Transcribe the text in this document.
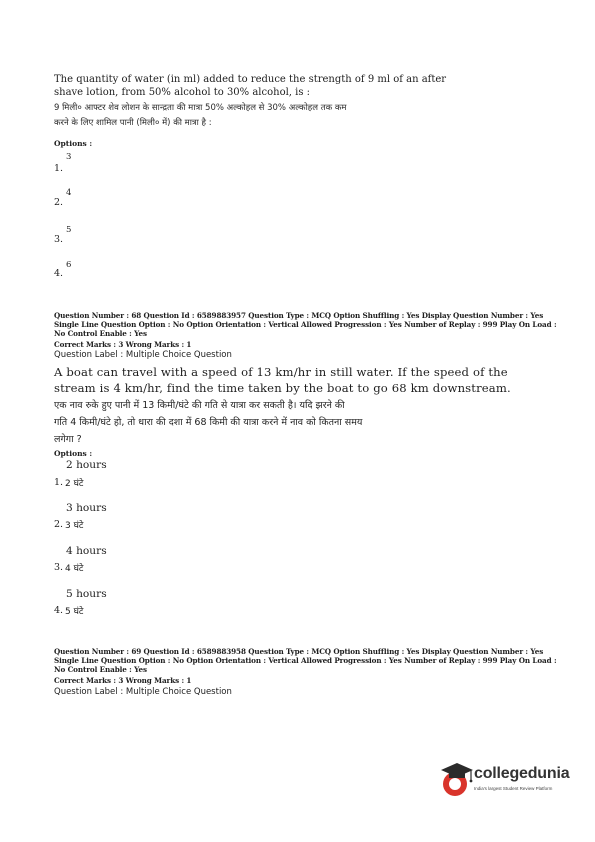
The quantity of water (in ml) added to reduce the strength of 9 ml of an after
shave lotion, from 50% alcohol to 30% alcohol, is :
9 मिली० आफ्टर शेव लोशन के सान्द्रता की मात्रा 50% अल्कोहल से 30% अल्कोहल तक कम
करने के लिए शामिल पानी (मिली० में) की मात्रा है :
Options :
1.
3
2.
4
3.
5
4.
6
Question Number : 68 Question Id : 6589883957 Question Type : MCQ Option Shuffling : Yes Display Question Number : Yes
Single Line Question Option : No Option Orientation : Vertical Allowed Progression : Yes Number of Replay : 999 Play On Load :
No Control Enable : Yes
Correct Marks : 3 Wrong Marks : 1
Question Label : Multiple Choice Question
A boat can travel with a speed of 13 km/hr in still water. If the speed of the
stream is 4 km/hr, find the time taken by the boat to go 68 km downstream.
एक नाव रुके हुए पानी में 13 किमी/घंटे की गति से यात्रा कर सकती है। यदि झरने की
गति 4 किमी/घंटे हो, तो धारा की दशा में 68 किमी की यात्रा करने में नाव को कितना समय
लगेगा ?
Options :
2 hours
1. 2 घंटे
3 hours
2. 3 घंटे
4 hours
3. 4 घंटे
5 hours
4. 5 घंटे
Question Number : 69 Question Id : 6589883958 Question Type : MCQ Option Shuffling : Yes Display Question Number : Yes
Single Line Question Option : No Option Orientation : Vertical Allowed Progression : Yes Number of Replay : 999 Play On Load :
No Control Enable : Yes
Correct Marks : 3 Wrong Marks : 1
Question Label : Multiple Choice Question
collegedunia
India's largest Student Review Platform
